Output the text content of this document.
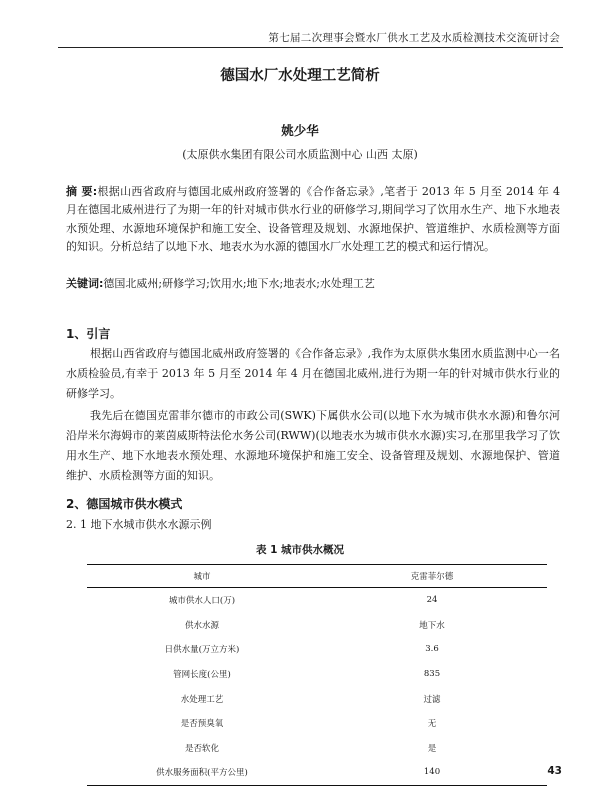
第七届二次理事会暨水厂供水工艺及水质检测技术交流研讨会
德国水厂水处理工艺简析
姚少华
(太原供水集团有限公司水质监测中心 山西 太原)
摘 要:根据山西省政府与德国北威州政府签署的《合作备忘录》,笔者于 2013 年 5 月至 2014 年 4 月在德国北威州进行了为期一年的针对城市供水行业的研修学习,期间学习了饮用水生产、地下水地表水预处理、水源地环境保护和施工安全、设备管理及规划、水源地保护、管道维护、水质检测等方面的知识。分析总结了以地下水、地表水为水源的德国水厂水处理工艺的模式和运行情况。
关键词:德国北威州;研修学习;饮用水;地下水;地表水;水处理工艺
1、引言
根据山西省政府与德国北威州政府签署的《合作备忘录》,我作为太原供水集团水质监测中心一名水质检验员,有幸于 2013 年 5 月至 2014 年 4 月在德国北威州,进行为期一年的针对城市供水行业的研修学习。
我先后在德国克雷菲尔德市的市政公司(SWK)下属供水公司(以地下水为城市供水水源)和鲁尔河沿岸米尔海姆市的莱茵威斯特法伦水务公司(RWW)(以地表水为城市供水水源)实习,在那里我学习了饮用水生产、地下水地表水预处理、水源地环境保护和施工安全、设备管理及规划、水源地保护、管道维护、水质检测等方面的知识。
2、德国城市供水模式
2. 1 地下水城市供水水源示例
表 1 城市供水概况
城市	克雷菲尔德
城市供水人口(万)	24
供水水源	地下水
日供水量(万立方米)	3.6
管网长度(公里)	835
水处理工艺	过滤
是否预臭氧	无
是否软化	是
供水服务面积(平方公里)	140	43
